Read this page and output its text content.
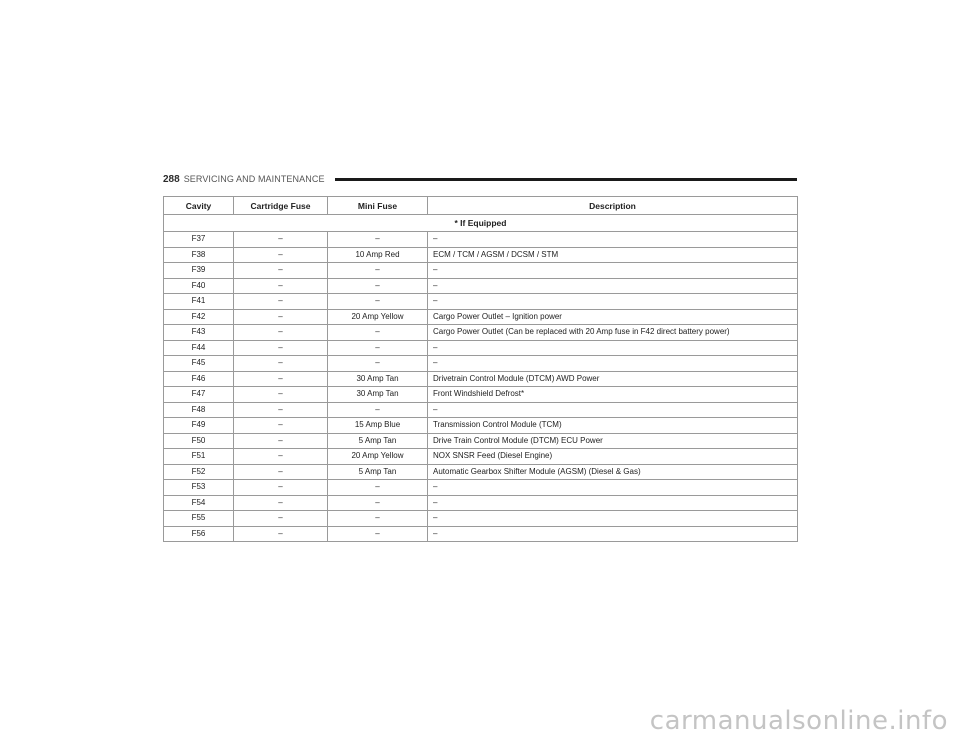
288 SERVICING AND MAINTENANCE
Cavity	Cartridge Fuse	Mini Fuse	Description
* If Equipped			
F37	–	–	–
F38	–	10 Amp Red	ECM / TCM / AGSM / DCSM / STM
F39	–	–	–
F40	–	–	–
F41	–	–	–
F42	–	20 Amp Yellow	Cargo Power Outlet – Ignition power
F43	–	–	Cargo Power Outlet (Can be replaced with 20 Amp fuse in F42 direct battery power)
F44	–	–	–
F45	–	–	–
F46	–	30 Amp Tan	Drivetrain Control Module (DTCM) AWD Power
F47	–	30 Amp Tan	Front Windshield Defrost*
F48	–	–	–
F49	–	15 Amp Blue	Transmission Control Module (TCM)
F50	–	5 Amp Tan	Drive Train Control Module (DTCM) ECU Power
F51	–	20 Amp Yellow	NOX SNSR Feed (Diesel Engine)
F52	–	5 Amp Tan	Automatic Gearbox Shifter Module (AGSM) (Diesel & Gas)
F53	–	–	–
F54	–	–	–
F55	–	–	–
F56	–	–	–
carmanualsonline.info
